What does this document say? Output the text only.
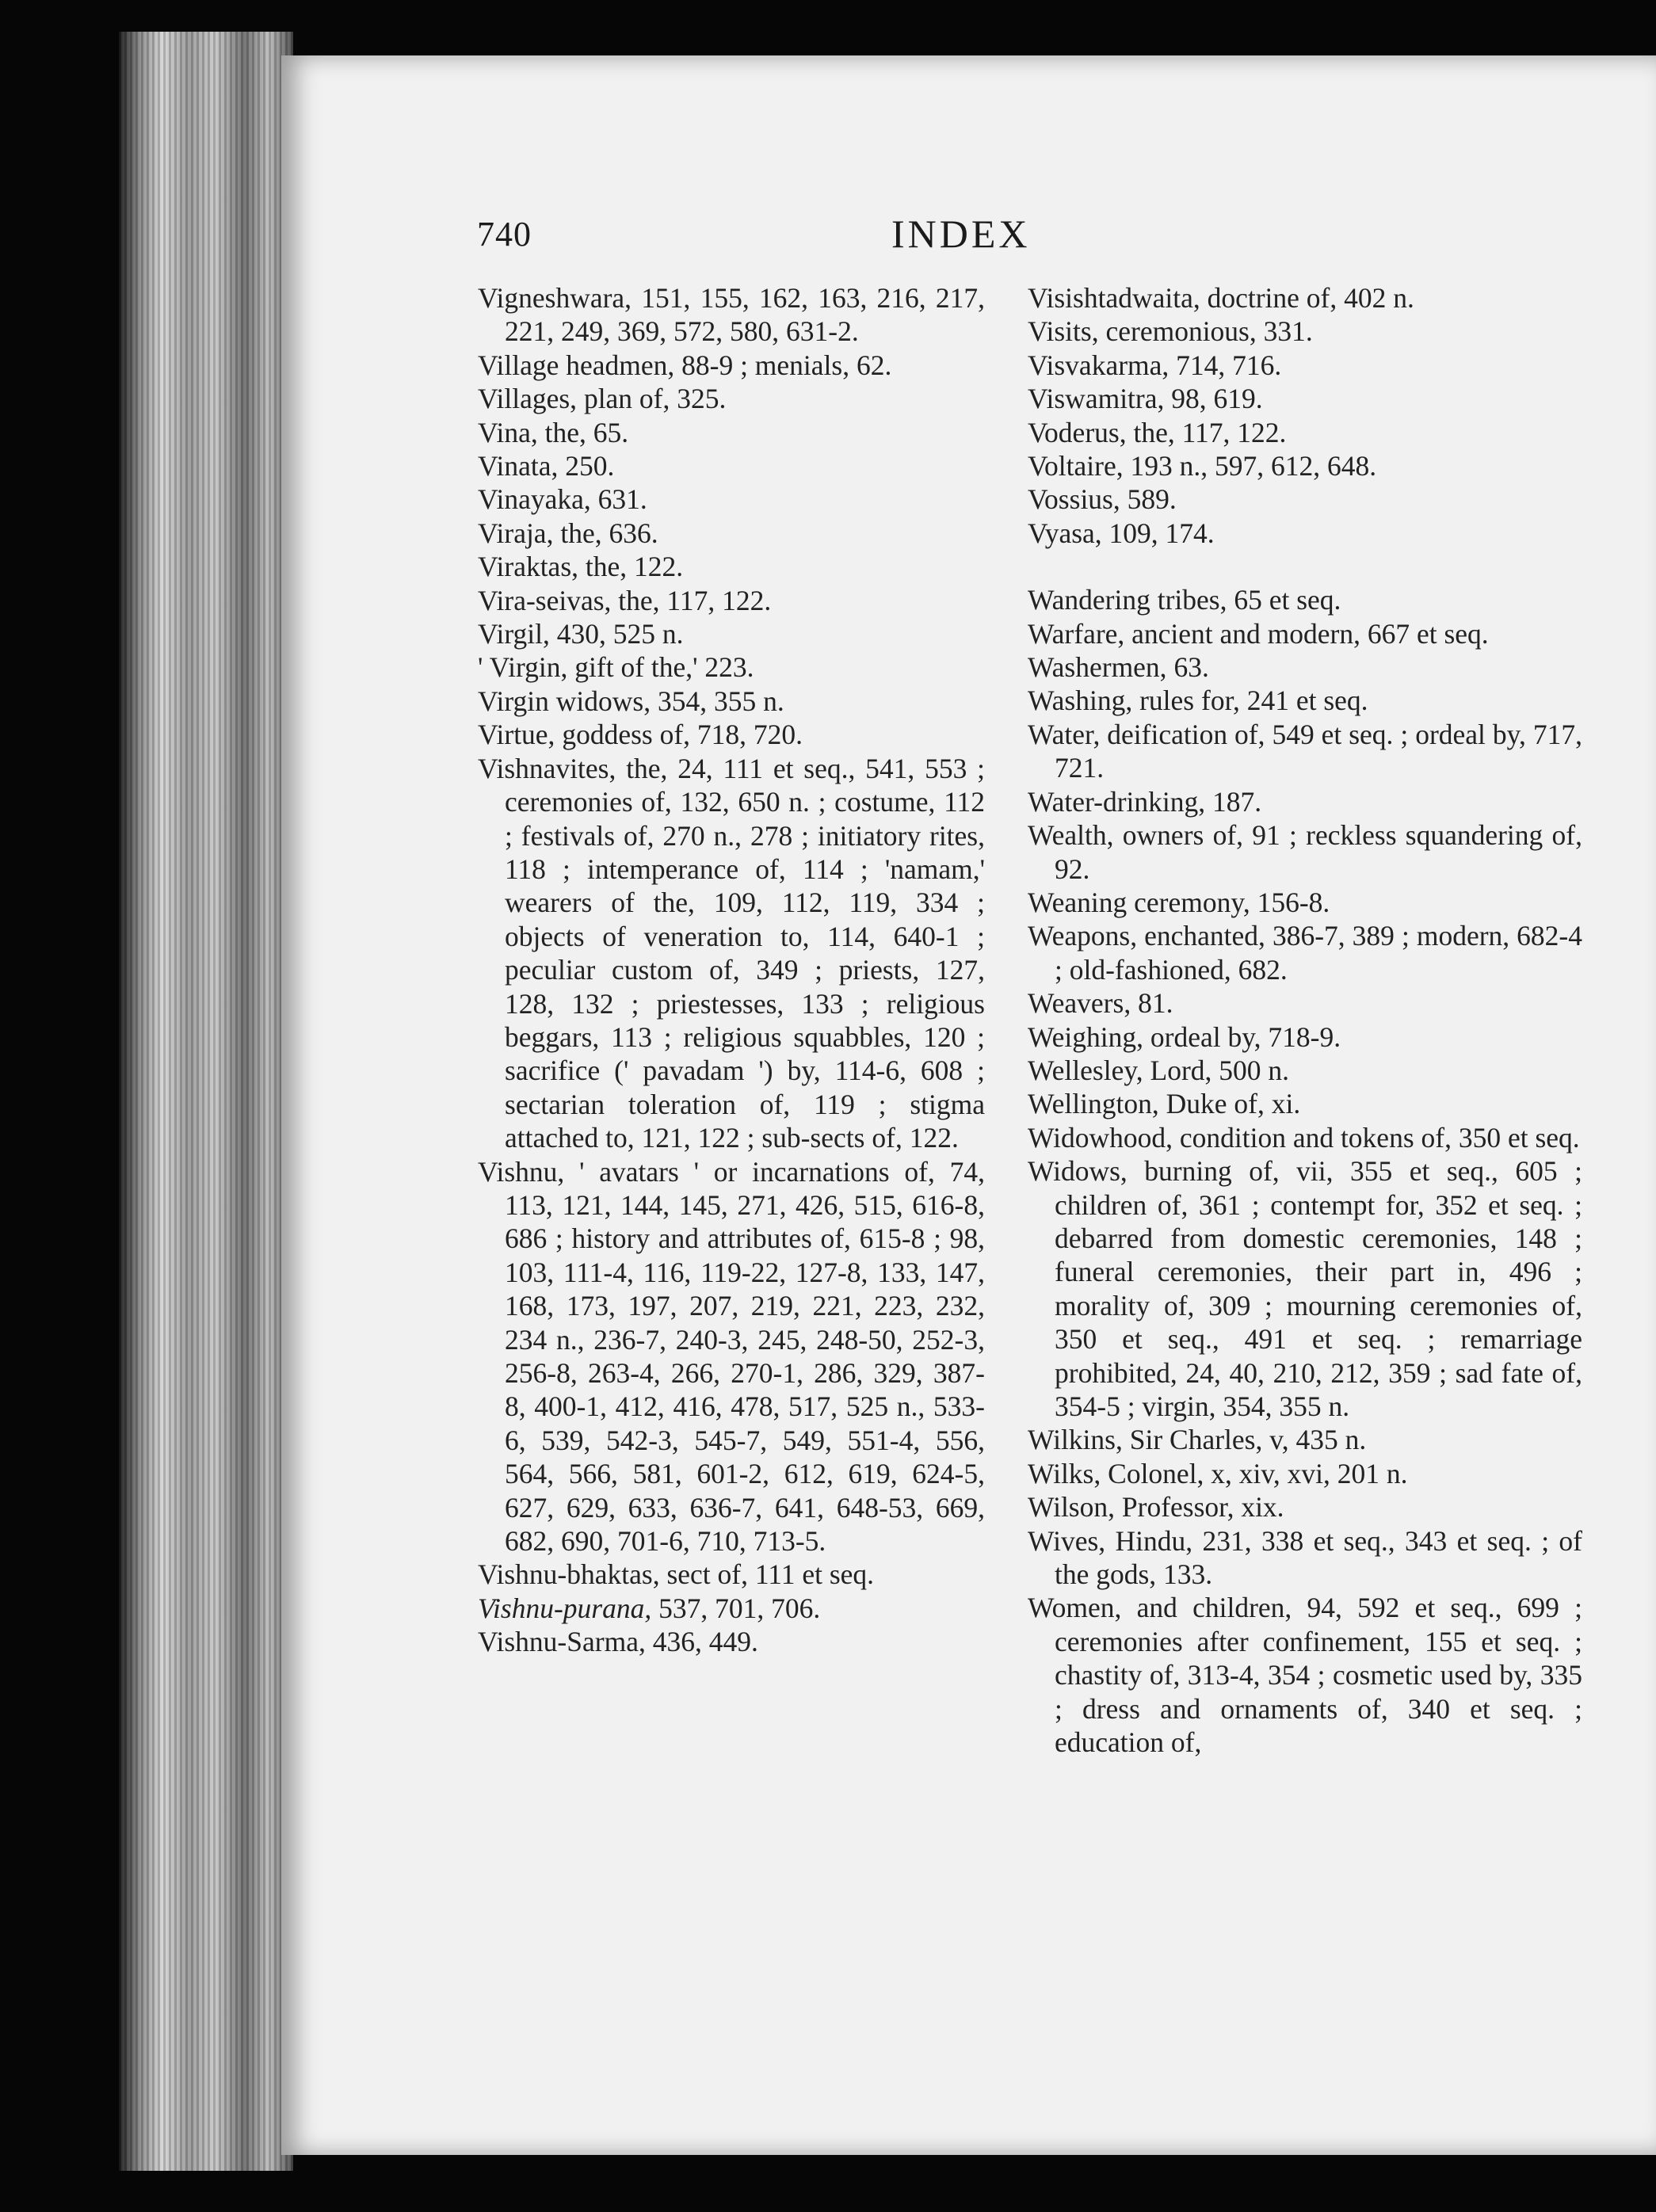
740	INDEX

Vigneshwara, 151, 155, 162, 163, 216, 217, 221, 249, 369, 572, 580, 631-2.

Village headmen, 88-9 ; menials, 62.

Villages, plan of, 325.

Vina, the, 65.

Vinata, 250.

Vinayaka, 631.

Viraja, the, 636.

Viraktas, the, 122.

Vira-seivas, the, 117, 122.

Virgil, 430, 525 n.

' Virgin, gift of the,' 223.

Virgin widows, 354, 355 n.

Virtue, goddess of, 718, 720.

Vishnavites, the, 24, 111 et seq., 541, 553 ; ceremonies of, 132, 650 n. ; costume, 112 ; festivals of, 270 n., 278 ; initiatory rites, 118 ; intemperance of, 114 ; 'namam,' wearers of the, 109, 112, 119, 334 ; objects of veneration to, 114, 640-1 ; peculiar custom of, 349 ; priests, 127, 128, 132 ; priestesses, 133 ; religious beggars, 113 ; religious squabbles, 120 ; sacrifice (' pavadam ') by, 114-6, 608 ; sectarian toleration of, 119 ; stigma attached to, 121, 122 ; sub-sects of, 122.

Vishnu, ' avatars ' or incarnations of, 74, 113, 121, 144, 145, 271, 426, 515, 616-8, 686 ; history and attributes of, 615-8 ; 98, 103, 111-4, 116, 119-22, 127-8, 133, 147, 168, 173, 197, 207, 219, 221, 223, 232, 234 n., 236-7, 240-3, 245, 248-50, 252-3, 256-8, 263-4, 266, 270-1, 286, 329, 387-8, 400-1, 412, 416, 478, 517, 525 n., 533-6, 539, 542-3, 545-7, 549, 551-4, 556, 564, 566, 581, 601-2, 612, 619, 624-5, 627, 629, 633, 636-7, 641, 648-53, 669, 682, 690, 701-6, 710, 713-5.

Vishnu-bhaktas, sect of, 111 et seq.

Vishnu-purana, 537, 701, 706.

Vishnu-Sarma, 436, 449.

Visishtadwaita, doctrine of, 402 n.

Visits, ceremonious, 331.

Visvakarma, 714, 716.

Viswamitra, 98, 619.

Voderus, the, 117, 122.

Voltaire, 193 n., 597, 612, 648.

Vossius, 589.

Vyasa, 109, 174.

Wandering tribes, 65 et seq.

Warfare, ancient and modern, 667 et seq.

Washermen, 63.

Washing, rules for, 241 et seq.

Water, deification of, 549 et seq. ; ordeal by, 717, 721.

Water-drinking, 187.

Wealth, owners of, 91 ; reckless squandering of, 92.

Weaning ceremony, 156-8.

Weapons, enchanted, 386-7, 389 ; modern, 682-4 ; old-fashioned, 682.

Weavers, 81.

Weighing, ordeal by, 718-9.

Wellesley, Lord, 500 n.

Wellington, Duke of, xi.

Widowhood, condition and tokens of, 350 et seq.

Widows, burning of, vii, 355 et seq., 605 ; children of, 361 ; contempt for, 352 et seq. ; debarred from domestic ceremonies, 148 ; funeral ceremonies, their part in, 496 ; morality of, 309 ; mourning ceremonies of, 350 et seq., 491 et seq. ; remarriage prohibited, 24, 40, 210, 212, 359 ; sad fate of, 354-5 ; virgin, 354, 355 n.

Wilkins, Sir Charles, v, 435 n.

Wilks, Colonel, x, xiv, xvi, 201 n.

Wilson, Professor, xix.

Wives, Hindu, 231, 338 et seq., 343 et seq. ; of the gods, 133.

Women, and children, 94, 592 et seq., 699 ; ceremonies after confinement, 155 et seq. ; chastity of, 313-4, 354 ; cosmetic used by, 335 ; dress and ornaments of, 340 et seq. ; education of,
